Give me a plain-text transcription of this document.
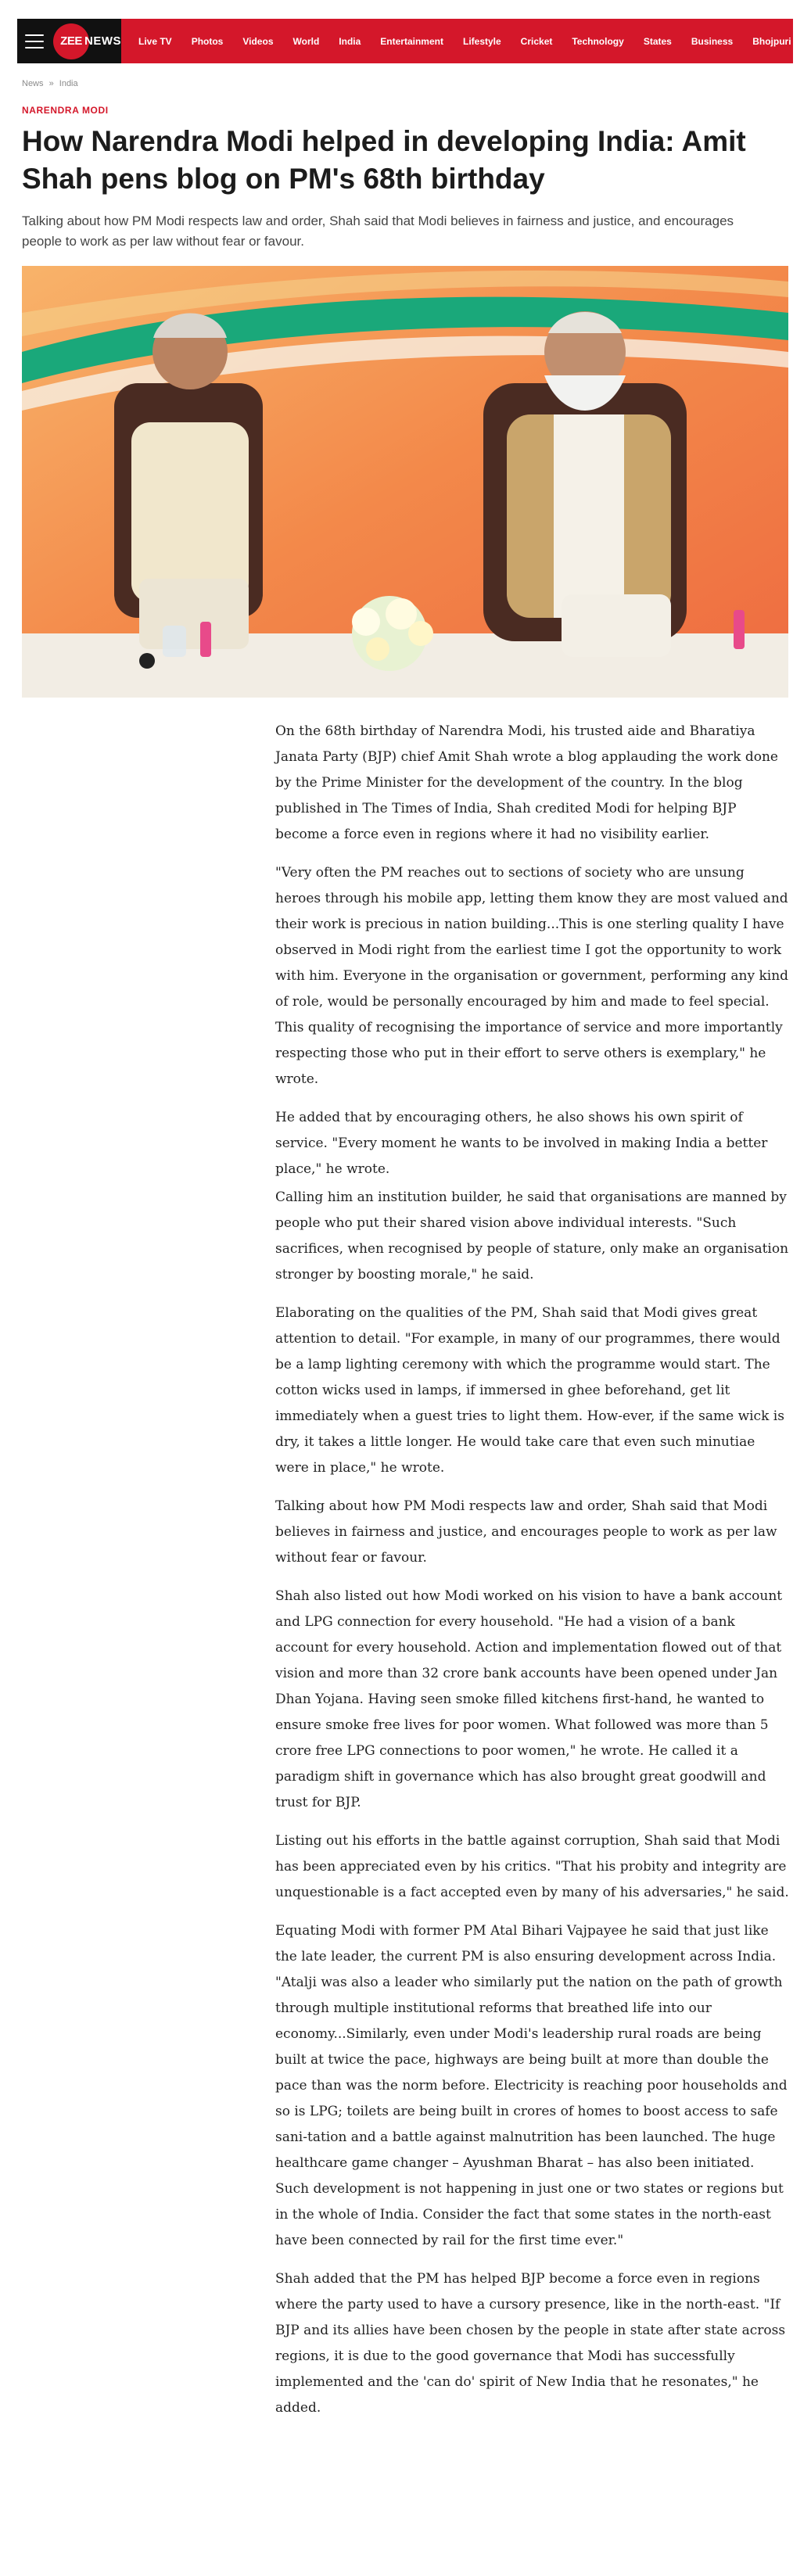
ZEE NEWS Live TV Photos Videos World India Entertainment Lifestyle Cricket Technology States Business Bhojpuri
News » India
NARENDRA MODI
How Narendra Modi helped in developing India: Amit Shah pens blog on PM's 68th birthday

Talking about how PM Modi respects law and order, Shah said that Modi believes in fairness and justice, and encourages people to work as per law without fear or favour.

On the 68th birthday of Narendra Modi, his trusted aide and Bharatiya Janata Party (BJP) chief Amit Shah wrote a blog applauding the work done by the Prime Minister for the development of the country. In the blog published in The Times of India, Shah credited Modi for helping BJP become a force even in regions where it had no visibility earlier.

"Very often the PM reaches out to sections of society who are unsung heroes through his mobile app, letting them know they are most valued and their work is precious in nation building...This is one sterling quality I have observed in Modi right from the earliest time I got the opportunity to work with him. Everyone in the organisation or government, performing any kind of role, would be personally encouraged by him and made to feel special. This quality of recognising the importance of service and more importantly respecting those who put in their effort to serve others is exemplary," he wrote.

He added that by encouraging others, he also shows his own spirit of service. "Every moment he wants to be involved in making India a better place," he wrote.

Calling him an institution builder, he said that organisations are manned by people who put their shared vision above individual interests. "Such sacrifices, when recognised by people of stature, only make an organisation stronger by boosting morale," he said.

Elaborating on the qualities of the PM, Shah said that Modi gives great attention to detail. "For example, in many of our programmes, there would be a lamp lighting ceremony with which the programme would start. The cotton wicks used in lamps, if immersed in ghee beforehand, get lit immediately when a guest tries to light them. How-ever, if the same wick is dry, it takes a little longer. He would take care that even such minutiae were in place," he wrote.

Talking about how PM Modi respects law and order, Shah said that Modi believes in fairness and justice, and encourages people to work as per law without fear or favour.

Shah also listed out how Modi worked on his vision to have a bank account and LPG connection for every household. "He had a vision of a bank account for every household. Action and implementation flowed out of that vision and more than 32 crore bank accounts have been opened under Jan Dhan Yojana. Having seen smoke filled kitchens first-hand, he wanted to ensure smoke free lives for poor women. What followed was more than 5 crore free LPG connections to poor women," he wrote. He called it a paradigm shift in governance which has also brought great goodwill and trust for BJP.

Listing out his efforts in the battle against corruption, Shah said that Modi has been appreciated even by his critics. "That his probity and integrity are unquestionable is a fact accepted even by many of his adversaries," he said.

Equating Modi with former PM Atal Bihari Vajpayee he said that just like the late leader, the current PM is also ensuring development across India. "Atalji was also a leader who similarly put the nation on the path of growth through multiple institutional reforms that breathed life into our economy...Similarly, even under Modi's leadership rural roads are being built at twice the pace, highways are being built at more than double the pace than was the norm before. Electricity is reaching poor households and so is LPG; toilets are being built in crores of homes to boost access to safe sani-tation and a battle against malnutrition has been launched. The huge healthcare game changer – Ayushman Bharat – has also been initiated. Such development is not happening in just one or two states or regions but in the whole of India. Consider the fact that some states in the north-east have been connected by rail for the first time ever."

Shah added that the PM has helped BJP become a force even in regions where the party used to have a cursory presence, like in the north-east. "If BJP and its allies have been chosen by the people in state after state across regions, it is due to the good governance that Modi has successfully implemented and the 'can do' spirit of New India that he resonates," he added.
